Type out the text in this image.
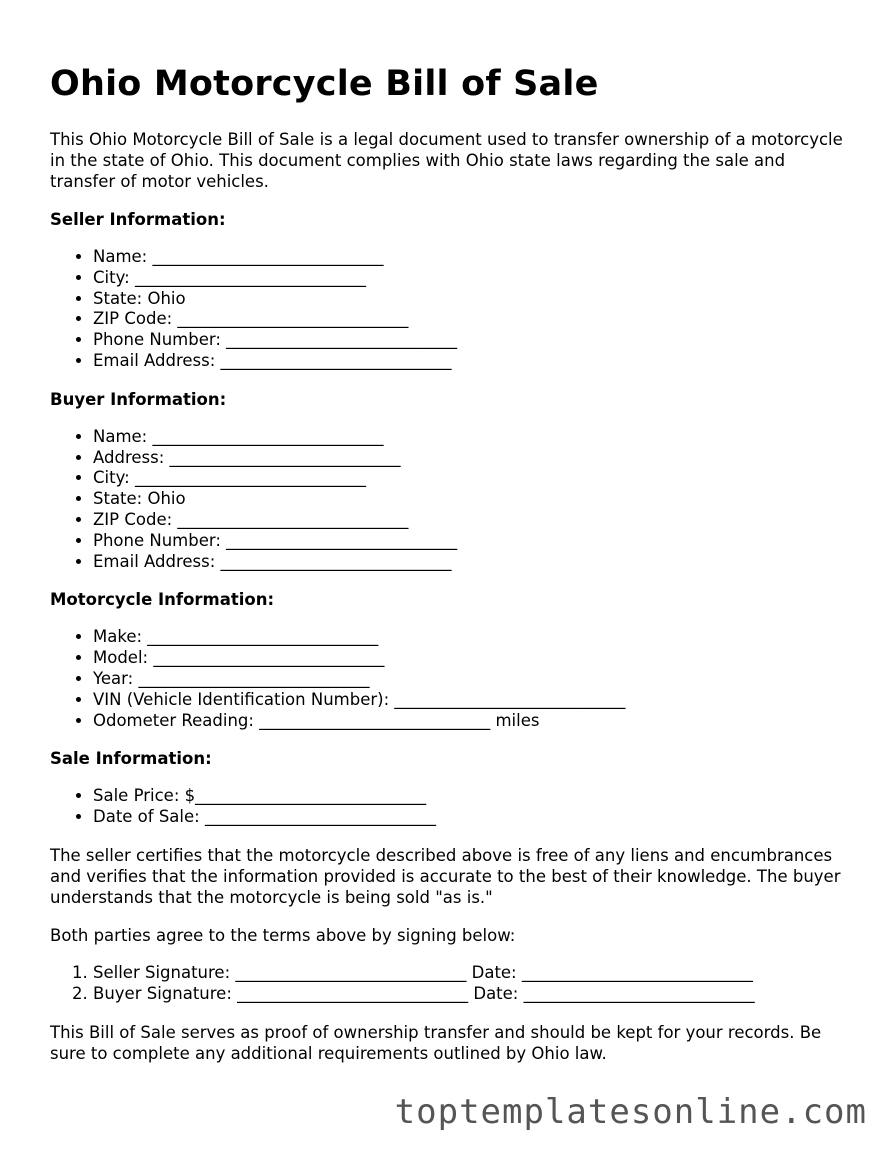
Ohio Motorcycle Bill of Sale

This Ohio Motorcycle Bill of Sale is a legal document used to transfer ownership of a motorcycle in the state of Ohio. This document complies with Ohio state laws regarding the sale and transfer of motor vehicles.

Seller Information:
• Name: ____________________________
• City: ____________________________
• State: Ohio
• ZIP Code: ____________________________
• Phone Number: ____________________________
• Email Address: ____________________________
Buyer Information:
• Name: ____________________________
• Address: ____________________________
• City: ____________________________
• State: Ohio
• ZIP Code: ____________________________
• Phone Number: ____________________________
• Email Address: ____________________________
Motorcycle Information:
• Make: ____________________________
• Model: ____________________________
• Year: ____________________________
• VIN (Vehicle Identification Number): ____________________________
• Odometer Reading: ____________________________ miles
Sale Information:
• Sale Price: $____________________________
• Date of Sale: ____________________________

The seller certifies that the motorcycle described above is free of any liens and encumbrances and verifies that the information provided is accurate to the best of their knowledge. The buyer understands that the motorcycle is being sold "as is."

Both parties agree to the terms above by signing below:

1. Seller Signature: ____________________________ Date: ____________________________
2. Buyer Signature: ____________________________ Date: ____________________________

This Bill of Sale serves as proof of ownership transfer and should be kept for your records. Be sure to complete any additional requirements outlined by Ohio law.

toptemplatesonline.com
